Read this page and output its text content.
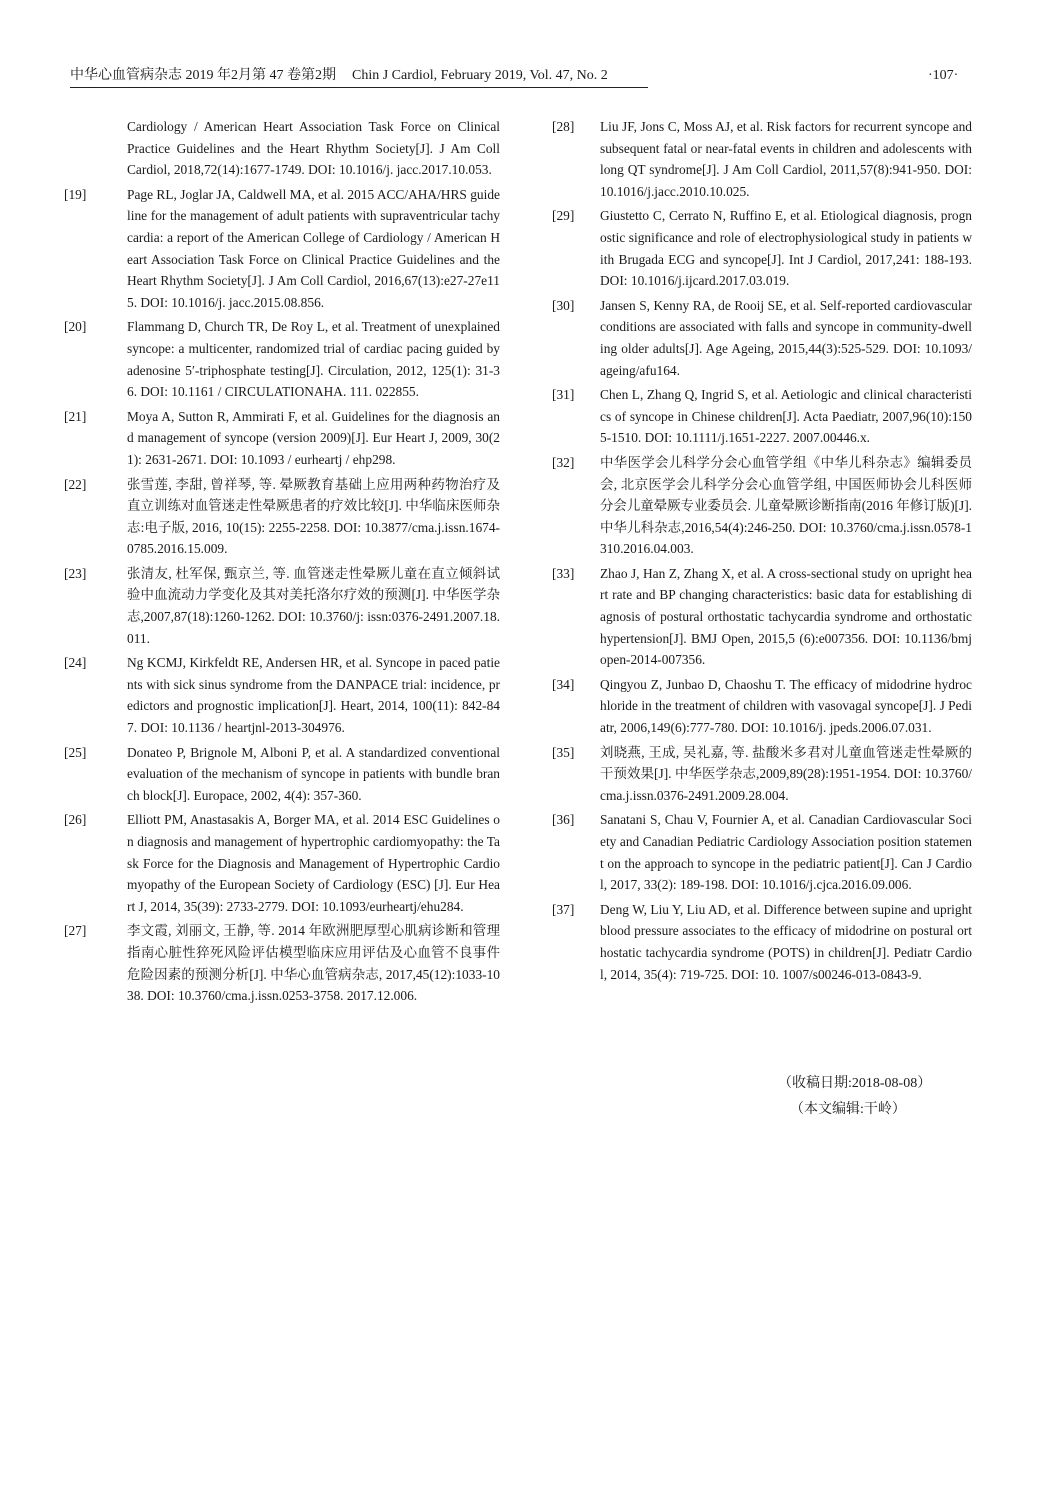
中华心血管病杂志 2019 年2月第 47 卷第2期 Chin J Cardiol, February 2019, Vol. 47, No. 2	·107·
Cardiology / American Heart Association Task Force on Clinical Practice Guidelines and the Heart Rhythm Society[J]. J Am Coll Cardiol, 2018,72(14):1677-1749. DOI: 10.1016/j. jacc.2017.10.053.
[19]	Page RL, Joglar JA, Caldwell MA, et al. 2015 ACC/AHA/HRS guideline for the management of adult patients with supraventricular tachycardia: a report of the American College of Cardiology / American Heart Association Task Force on Clinical Practice Guidelines and the Heart Rhythm Society[J]. J Am Coll Cardiol, 2016,67(13):e27-27e115. DOI: 10.1016/j. jacc.2015.08.856.
[20]	Flammang D, Church TR, De Roy L, et al. Treatment of unexplained syncope: a multicenter, randomized trial of cardiac pacing guided by adenosine 5′-triphosphate testing[J]. Circulation, 2012, 125(1): 31-36. DOI: 10.1161 / CIRCULATIONAHA. 111. 022855.
[21]	Moya A, Sutton R, Ammirati F, et al. Guidelines for the diagnosis and management of syncope (version 2009)[J]. Eur Heart J, 2009, 30(21): 2631-2671. DOI: 10.1093 / eurheartj / ehp298.
[22]	张雪莲, 李甜, 曾祥琴, 等. 晕厥教育基础上应用两种药物治疗及直立训练对血管迷走性晕厥患者的疗效比较[J]. 中华临床医师杂志:电子版, 2016, 10(15): 2255-2258. DOI: 10.3877/cma.j.issn.1674-0785.2016.15.009.
[23]	张清友, 杜军保, 甄京兰, 等. 血管迷走性晕厥儿童在直立倾斜试验中血流动力学变化及其对美托洛尔疗效的预测[J]. 中华医学杂志,2007,87(18):1260-1262. DOI: 10.3760/j: issn:0376-2491.2007.18.011.
[24]	Ng KCMJ, Kirkfeldt RE, Andersen HR, et al. Syncope in paced patients with sick sinus syndrome from the DANPACE trial: incidence, predictors and prognostic implication[J]. Heart, 2014, 100(11): 842-847. DOI: 10.1136 / heartjnl-2013-304976.
[25]	Donateo P, Brignole M, Alboni P, et al. A standardized conventional evaluation of the mechanism of syncope in patients with bundle branch block[J]. Europace, 2002, 4(4): 357-360.
[26]	Elliott PM, Anastasakis A, Borger MA, et al. 2014 ESC Guidelines on diagnosis and management of hypertrophic cardiomyopathy: the Task Force for the Diagnosis and Management of Hypertrophic Cardiomyopathy of the European Society of Cardiology (ESC) [J]. Eur Heart J, 2014, 35(39): 2733-2779. DOI: 10.1093/eurheartj/ehu284.
[27]	李文霞, 刘丽文, 王静, 等. 2014 年欧洲肥厚型心肌病诊断和管理指南心脏性猝死风险评估模型临床应用评估及心血管不良事件危险因素的预测分析[J]. 中华心血管病杂志, 2017,45(12):1033-1038. DOI: 10.3760/cma.j.issn.0253-3758. 2017.12.006.
[28] Liu JF, Jons C, Moss AJ, et al. Risk factors for recurrent syncope and subsequent fatal or near-fatal events in children and adolescents with long QT syndrome[J]. J Am Coll Cardiol, 2011,57(8):941-950. DOI: 10.1016/j.jacc.2010.10.025.
[29] Giustetto C, Cerrato N, Ruffino E, et al. Etiological diagnosis, prognostic significance and role of electrophysiological study in patients with Brugada ECG and syncope[J]. Int J Cardiol, 2017,241: 188-193. DOI: 10.1016/j.ijcard.2017.03.019.
[30] Jansen S, Kenny RA, de Rooij SE, et al. Self-reported cardiovascular conditions are associated with falls and syncope in community-dwelling older adults[J]. Age Ageing, 2015,44(3):525-529. DOI: 10.1093/ageing/afu164.
[31] Chen L, Zhang Q, Ingrid S, et al. Aetiologic and clinical characteristics of syncope in Chinese children[J]. Acta Paediatr, 2007,96(10):1505-1510. DOI: 10.1111/j.1651-2227. 2007.00446.x.
[32] 中华医学会儿科学分会心血管学组《中华儿科杂志》编辑委员会, 北京医学会儿科学分会心血管学组, 中国医师协会儿科医师分会儿童晕厥专业委员会. 儿童晕厥诊断指南(2016 年修订版)[J]. 中华儿科杂志,2016,54(4):246-250. DOI: 10.3760/cma.j.issn.0578-1310.2016.04.003.
[33] Zhao J, Han Z, Zhang X, et al. A cross-sectional study on upright heart rate and BP changing characteristics: basic data for establishing diagnosis of postural orthostatic tachycardia syndrome and orthostatic hypertension[J]. BMJ Open, 2015,5 (6):e007356. DOI: 10.1136/bmjopen-2014-007356.
[34] Qingyou Z, Junbao D, Chaoshu T. The efficacy of midodrine hydrochloride in the treatment of children with vasovagal syncope[J]. J Pediatr, 2006,149(6):777-780. DOI: 10.1016/j. jpeds.2006.07.031.
[35] 刘晓燕, 王成, 吴礼嘉, 等. 盐酸米多君对儿童血管迷走性晕厥的干预效果[J]. 中华医学杂志,2009,89(28):1951-1954. DOI: 10.3760/cma.j.issn.0376-2491.2009.28.004.
[36] Sanatani S, Chau V, Fournier A, et al. Canadian Cardiovascular Society and Canadian Pediatric Cardiology Association position statement on the approach to syncope in the pediatric patient[J]. Can J Cardiol, 2017, 33(2): 189-198. DOI: 10.1016/j.cjca.2016.09.006.
[37] Deng W, Liu Y, Liu AD, et al. Difference between supine and upright blood pressure associates to the efficacy of midodrine on postural orthostatic tachycardia syndrome (POTS) in children[J]. Pediatr Cardiol, 2014, 35(4): 719-725. DOI: 10. 1007/s00246-013-0843-9.
（收稿日期:2018-08-08）
（本文编辑:干岭）
